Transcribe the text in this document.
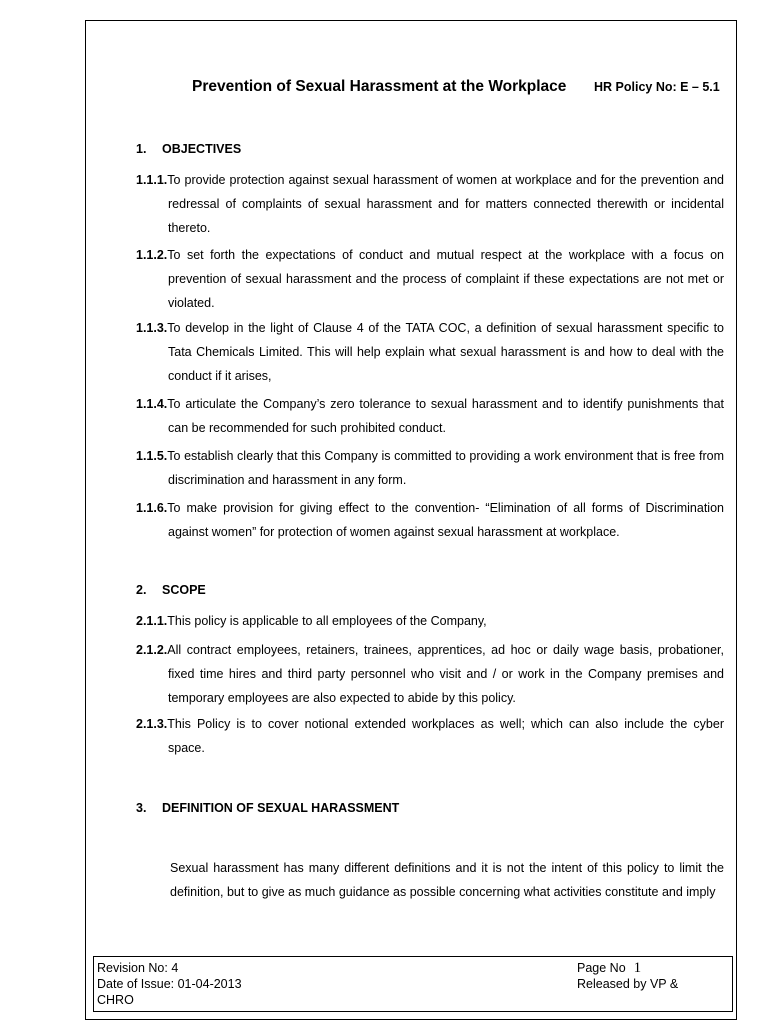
Prevention of Sexual Harassment at the Workplace HR Policy No: E – 5.1
1. OBJECTIVES
1.1.1. To provide protection against sexual harassment of women at workplace and for the prevention and redressal of complaints of sexual harassment and for matters connected therewith or incidental thereto.
1.1.2. To set forth the expectations of conduct and mutual respect at the workplace with a focus on prevention of sexual harassment and the process of complaint if these expectations are not met or violated.
1.1.3. To develop in the light of Clause 4 of the TATA COC, a definition of sexual harassment specific to Tata Chemicals Limited. This will help explain what sexual harassment is and how to deal with the conduct if it arises,
1.1.4. To articulate the Company’s zero tolerance to sexual harassment and to identify punishments that can be recommended for such prohibited conduct.
1.1.5. To establish clearly that this Company is committed to providing a work environment that is free from discrimination and harassment in any form.
1.1.6. To make provision for giving effect to the convention- “Elimination of all forms of Discrimination against women” for protection of women against sexual harassment at workplace.
2. SCOPE
2.1.1. This policy is applicable to all employees of the Company,
2.1.2. All contract employees, retainers, trainees, apprentices, ad hoc or daily wage basis, probationer, fixed time hires and third party personnel who visit and / or work in the Company premises and temporary employees are also expected to abide by this policy.
2.1.3. This Policy is to cover notional extended workplaces as well; which can also include the cyber space.
3. DEFINITION OF SEXUAL HARASSMENT
Sexual harassment has many different definitions and it is not the intent of this policy to limit the definition, but to give as much guidance as possible concerning what activities constitute and imply
Revision No: 4
Date of Issue: 01-04-2013
CHRO
Page No 1
Released by VP &
